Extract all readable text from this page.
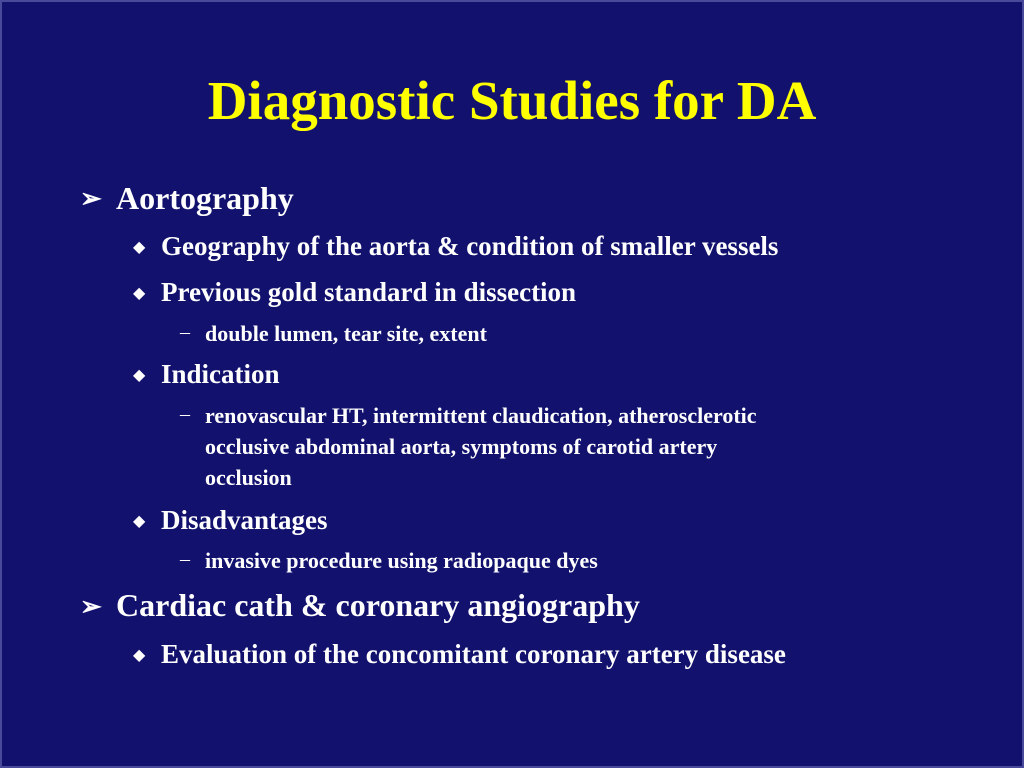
Diagnostic Studies for DA
➢ Aortography
◆ Geography of the aorta & condition of smaller vessels
◆ Previous gold standard in dissection
– double lumen, tear site, extent
◆ Indication
– renovascular HT, intermittent claudication, atherosclerotic
occlusive abdominal aorta, symptoms of carotid artery
occlusion
◆ Disadvantages
– invasive procedure using radiopaque dyes
➢ Cardiac cath & coronary angiography
◆ Evaluation of the concomitant coronary artery disease
